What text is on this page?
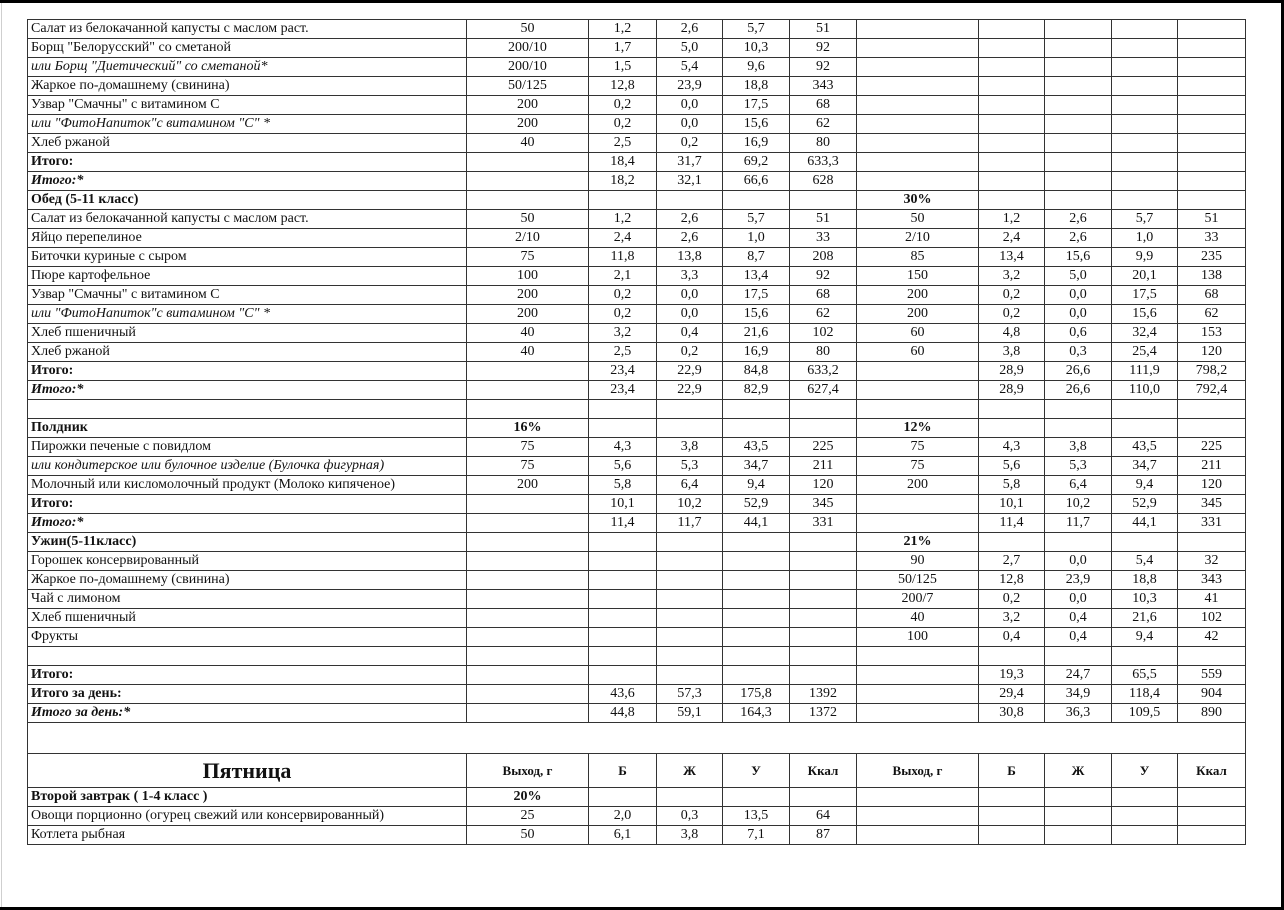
Салат из белокачанной капусты с маслом раст.	50	1,2	2,6	5,7	51					
Борщ "Белорусский" со сметаной	200/10	1,7	5,0	10,3	92					
или Борщ "Диетический" со сметаной*	200/10	1,5	5,4	9,6	92					
Жаркое по-домашнему (свинина)	50/125	12,8	23,9	18,8	343					
Узвар "Смачны" с витамином С	200	0,2	0,0	17,5	68					
или "ФитоНапиток"с витамином "С" *	200	0,2	0,0	15,6	62					
Хлеб ржаной	40	2,5	0,2	16,9	80					
Итого:		18,4	31,7	69,2	633,3					
Итого:*		18,2	32,1	66,6	628					
Обед (5-11 класс)						30%				
Салат из белокачанной капусты с маслом раст.	50	1,2	2,6	5,7	51	50	1,2	2,6	5,7	51
Яйцо перепелиное	2/10	2,4	2,6	1,0	33	2/10	2,4	2,6	1,0	33
Биточки куриные с сыром	75	11,8	13,8	8,7	208	85	13,4	15,6	9,9	235
Пюре картофельное	100	2,1	3,3	13,4	92	150	3,2	5,0	20,1	138
Узвар "Смачны" с витамином С	200	0,2	0,0	17,5	68	200	0,2	0,0	17,5	68
или "ФитоНапиток"с витамином "С" *	200	0,2	0,0	15,6	62	200	0,2	0,0	15,6	62
Хлеб пшеничный	40	3,2	0,4	21,6	102	60	4,8	0,6	32,4	153
Хлеб ржаной	40	2,5	0,2	16,9	80	60	3,8	0,3	25,4	120
Итого:		23,4	22,9	84,8	633,2		28,9	26,6	111,9	798,2
Итого:*		23,4	22,9	82,9	627,4		28,9	26,6	110,0	792,4

Полдник	16%					12%				
Пирожки печеные с повидлом	75	4,3	3,8	43,5	225	75	4,3	3,8	43,5	225
или кондитерское или булочное изделие (Булочка фигурная)	75	5,6	5,3	34,7	211	75	5,6	5,3	34,7	211
Молочный или кисломолочный продукт (Молоко кипяченое)	200	5,8	6,4	9,4	120	200	5,8	6,4	9,4	120
Итого:		10,1	10,2	52,9	345		10,1	10,2	52,9	345
Итого:*		11,4	11,7	44,1	331		11,4	11,7	44,1	331
Ужин(5-11класс)						21%				
Горошек консервированный						90	2,7	0,0	5,4	32
Жаркое по-домашнему (свинина)						50/125	12,8	23,9	18,8	343
Чай с лимоном						200/7	0,2	0,0	10,3	41
Хлеб пшеничный						40	3,2	0,4	21,6	102
Фрукты						100	0,4	0,4	9,4	42

Итого:							19,3	24,7	65,5	559
Итого за день:		43,6	57,3	175,8	1392		29,4	34,9	118,4	904
Итого за день:*		44,8	59,1	164,3	1372		30,8	36,3	109,5	890

Пятница	Выход, г	Б	Ж	У	Ккал	Выход, г	Б	Ж	У	Ккал
Второй завтрак ( 1-4 класс )	20%									
Овощи порционно (огурец свежий или консервированный)	25	2,0	0,3	13,5	64					
Котлета рыбная	50	6,1	3,8	7,1	87					
